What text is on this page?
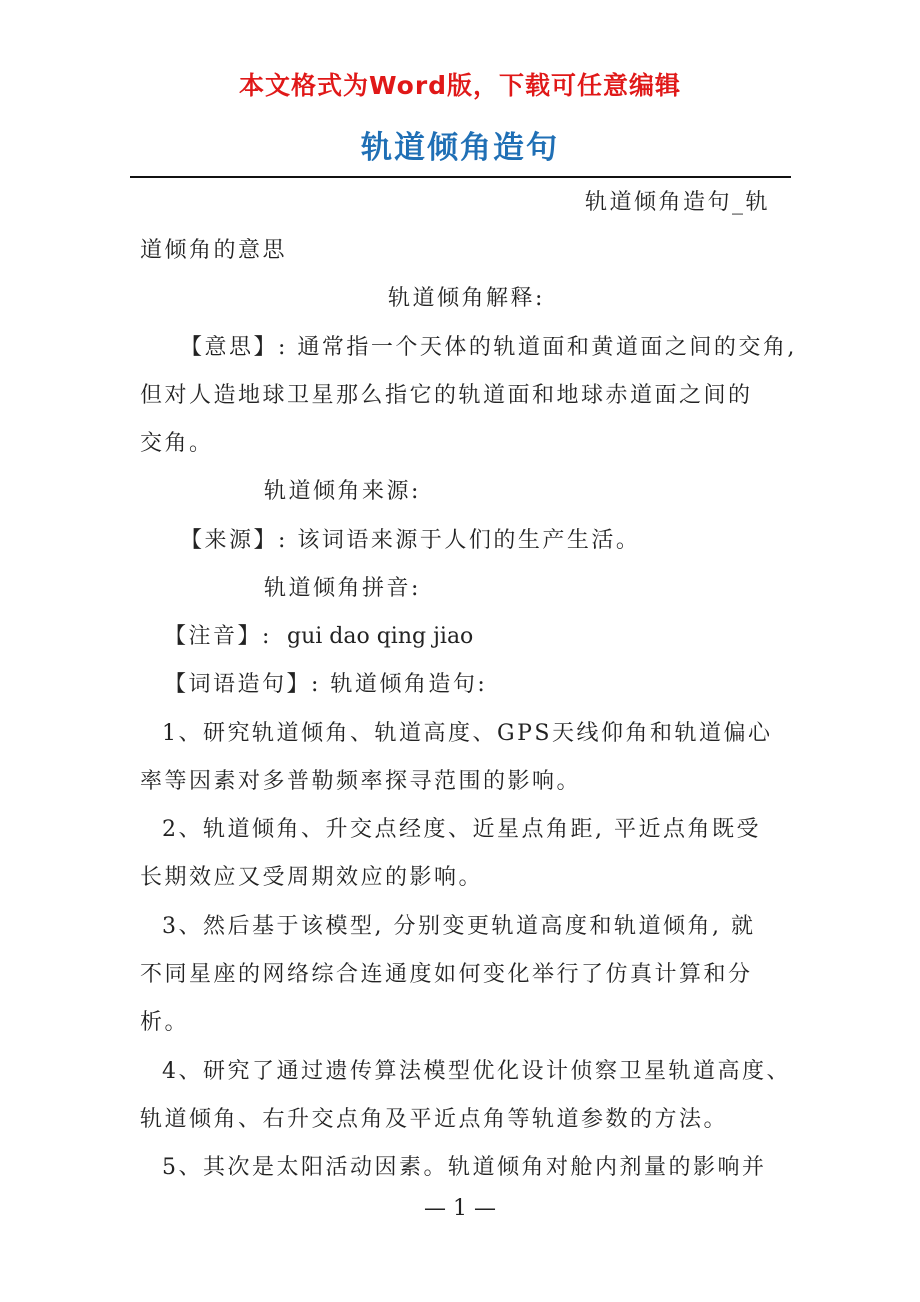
本文格式为Word版，下载可任意编辑
轨道倾角造句
轨道倾角造句_轨
道倾角的意思
轨道倾角解释:
【意思】: 通常指一个天体的轨道面和黄道面之间的交角,
但对人造地球卫星那么指它的轨道面和地球赤道面之间的
交角。
轨道倾角来源:
【来源】: 该词语来源于人们的生产生活。
轨道倾角拼音:
【注音】: gui dao qing jiao
【词语造句】: 轨道倾角造句:
1、研究轨道倾角、轨道高度、GPS天线仰角和轨道偏心
率等因素对多普勒频率探寻范围的影响。
2、轨道倾角、升交点经度、近星点角距, 平近点角既受
长期效应又受周期效应的影响。
3、然后基于该模型, 分别变更轨道高度和轨道倾角, 就
不同星座的网络综合连通度如何变化举行了仿真计算和分
析。
4、研究了通过遗传算法模型优化设计侦察卫星轨道高度、
轨道倾角、右升交点角及平近点角等轨道参数的方法。
5、其次是太阳活动因素。轨道倾角对舱内剂量的影响并
— 1 —
